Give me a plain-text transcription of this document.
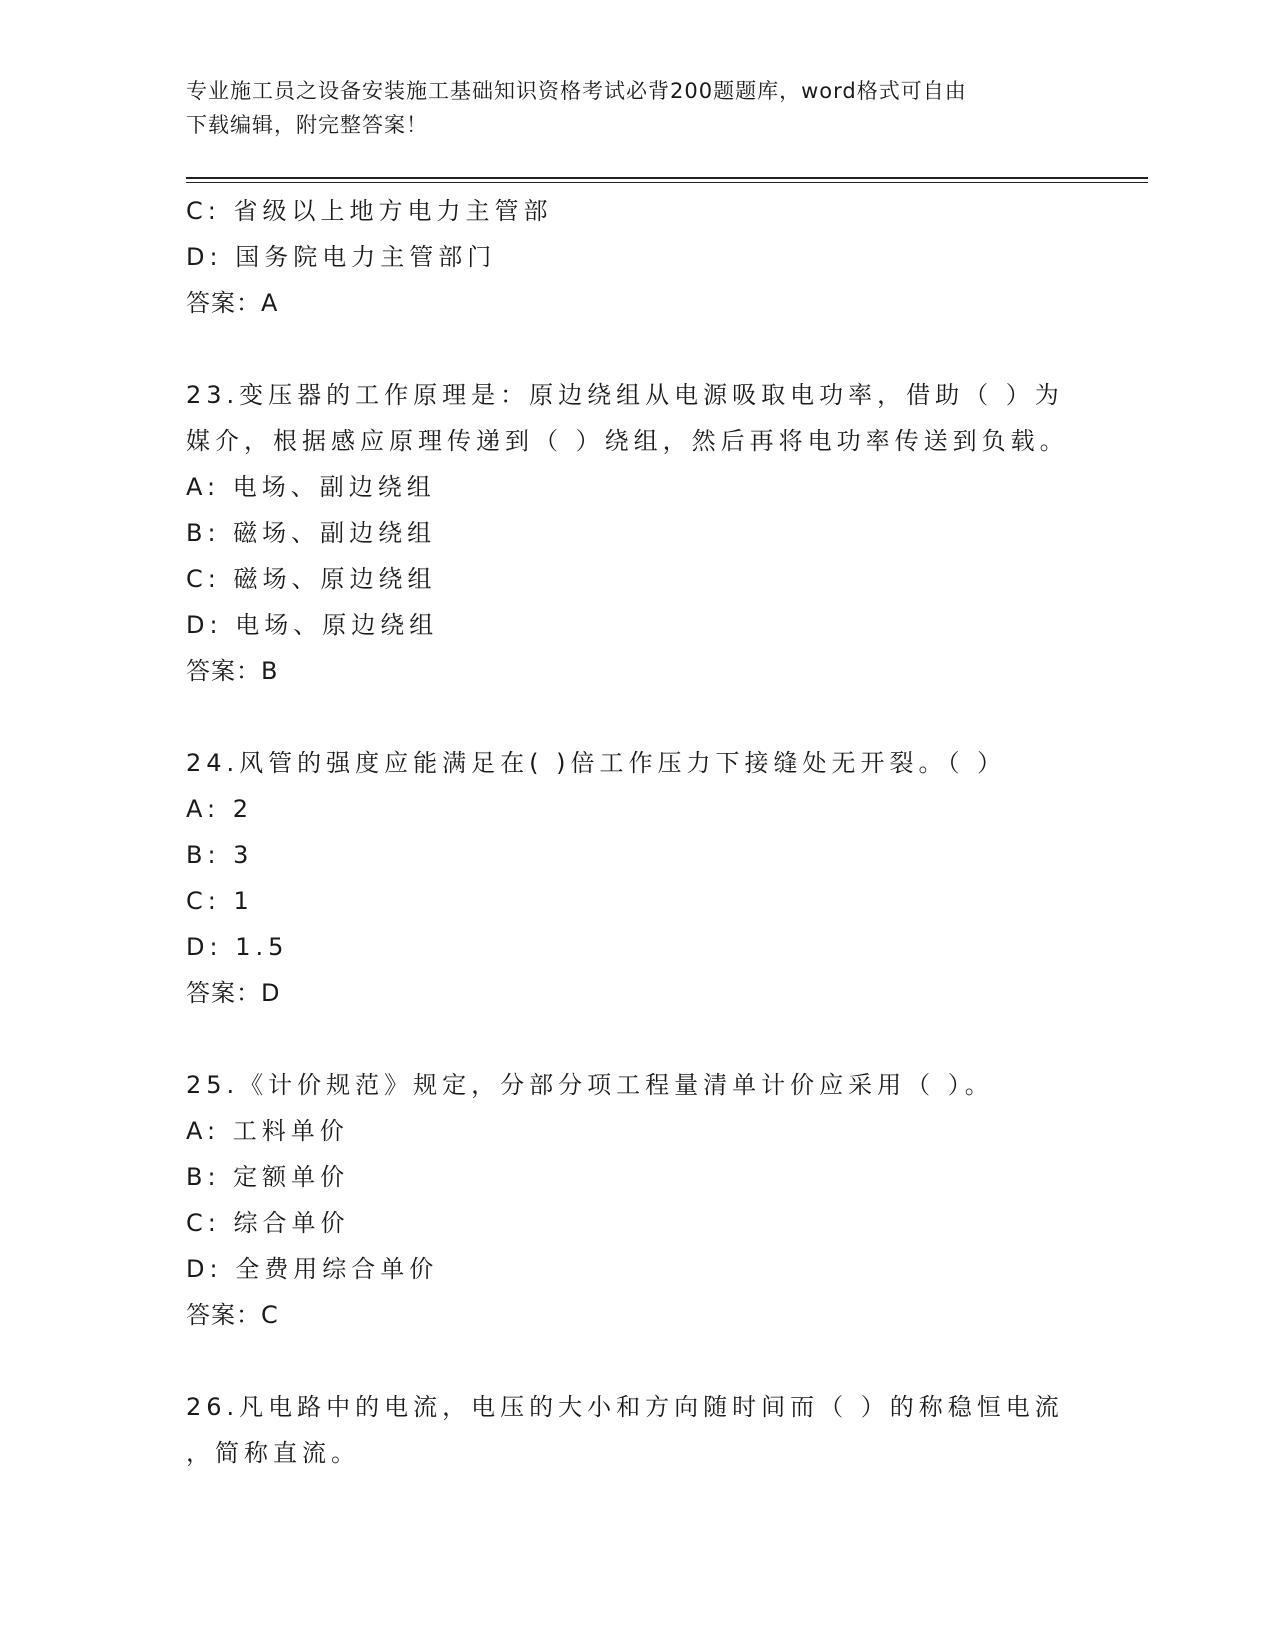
专业施工员之设备安装施工基础知识资格考试必背200题题库，word格式可自由
下载编辑，附完整答案！
C: 省级以上地方电力主管部
D: 国务院电力主管部门
答案：A
23.变压器的工作原理是：原边绕组从电源吸取电功率，借助（ ）为
媒介，根据感应原理传递到（ ）绕组，然后再将电功率传送到负载。
A: 电场、副边绕组
B: 磁场、副边绕组
C: 磁场、原边绕组
D: 电场、原边绕组
答案：B
24.风管的强度应能满足在( )倍工作压力下接缝处无开裂。（ ）
A: 2
B: 3
C: 1
D: 1.5
答案：D
25.《计价规范》规定，分部分项工程量清单计价应采用（ ）。
A: 工料单价
B: 定额单价
C: 综合单价
D: 全费用综合单价
答案：C
26.凡电路中的电流，电压的大小和方向随时间而（ ）的称稳恒电流
，简称直流。
